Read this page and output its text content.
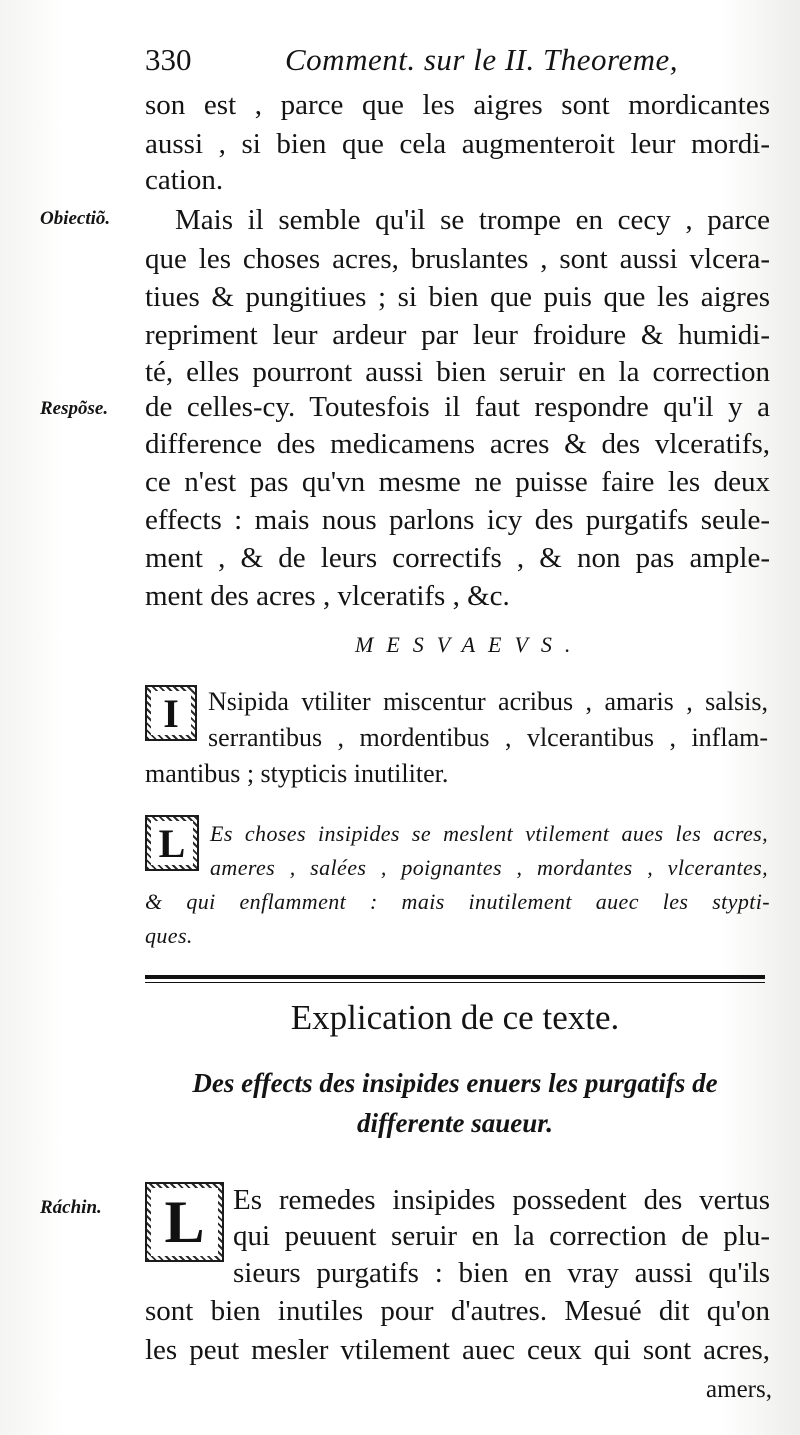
330	Comment. sur le II. Theoreme,
son est , parce que les aigres sont mordicantes
aussi , si bien que cela augmenteroit leur mordi-
cation.
Obiectiõ. Mais il semble qu'il se trompe en cecy , parce
que les choses acres, bruslantes , sont aussi vlcera-
tiues & pungitiues ; si bien que puis que les aigres
repriment leur ardeur par leur froidure & humidi-
té, elles pourront aussi bien seruir en la correction
Respõse. de celles-cy. Toutesfois il faut respondre qu'il y a
difference des medicamens acres & des vlceratifs,
ce n'est pas qu'vn mesme ne puisse faire les deux
effects : mais nous parlons icy des purgatifs seule-
ment , & de leurs correctifs , & non pas ample-
ment des acres , vlceratifs , &c.
MESVAEVS.
I	Nsipida vtiliter miscentur acribus , amaris , salsis,
serrantibus , mordentibus , vlcerantibus , inflam-
mantibus ; stypticis inutiliter.
L	Es choses insipides se meslent vtilement aues les acres,
ameres , salées , poignantes , mordantes , vlcerantes,
& qui enflamment : mais inutilement auec les stypti-
ques.
Explication de ce texte.
Des effects des insipides enuers les purgatifs de
differente saueur.
Ráchin. L Es remedes insipides possedent des vertus
qui peuuent seruir en la correction de plu-
sieurs purgatifs : bien en vray aussi qu'ils
sont bien inutiles pour d'autres. Mesué dit qu'on
les peut mesler vtilement auec ceux qui sont acres,
amers,
